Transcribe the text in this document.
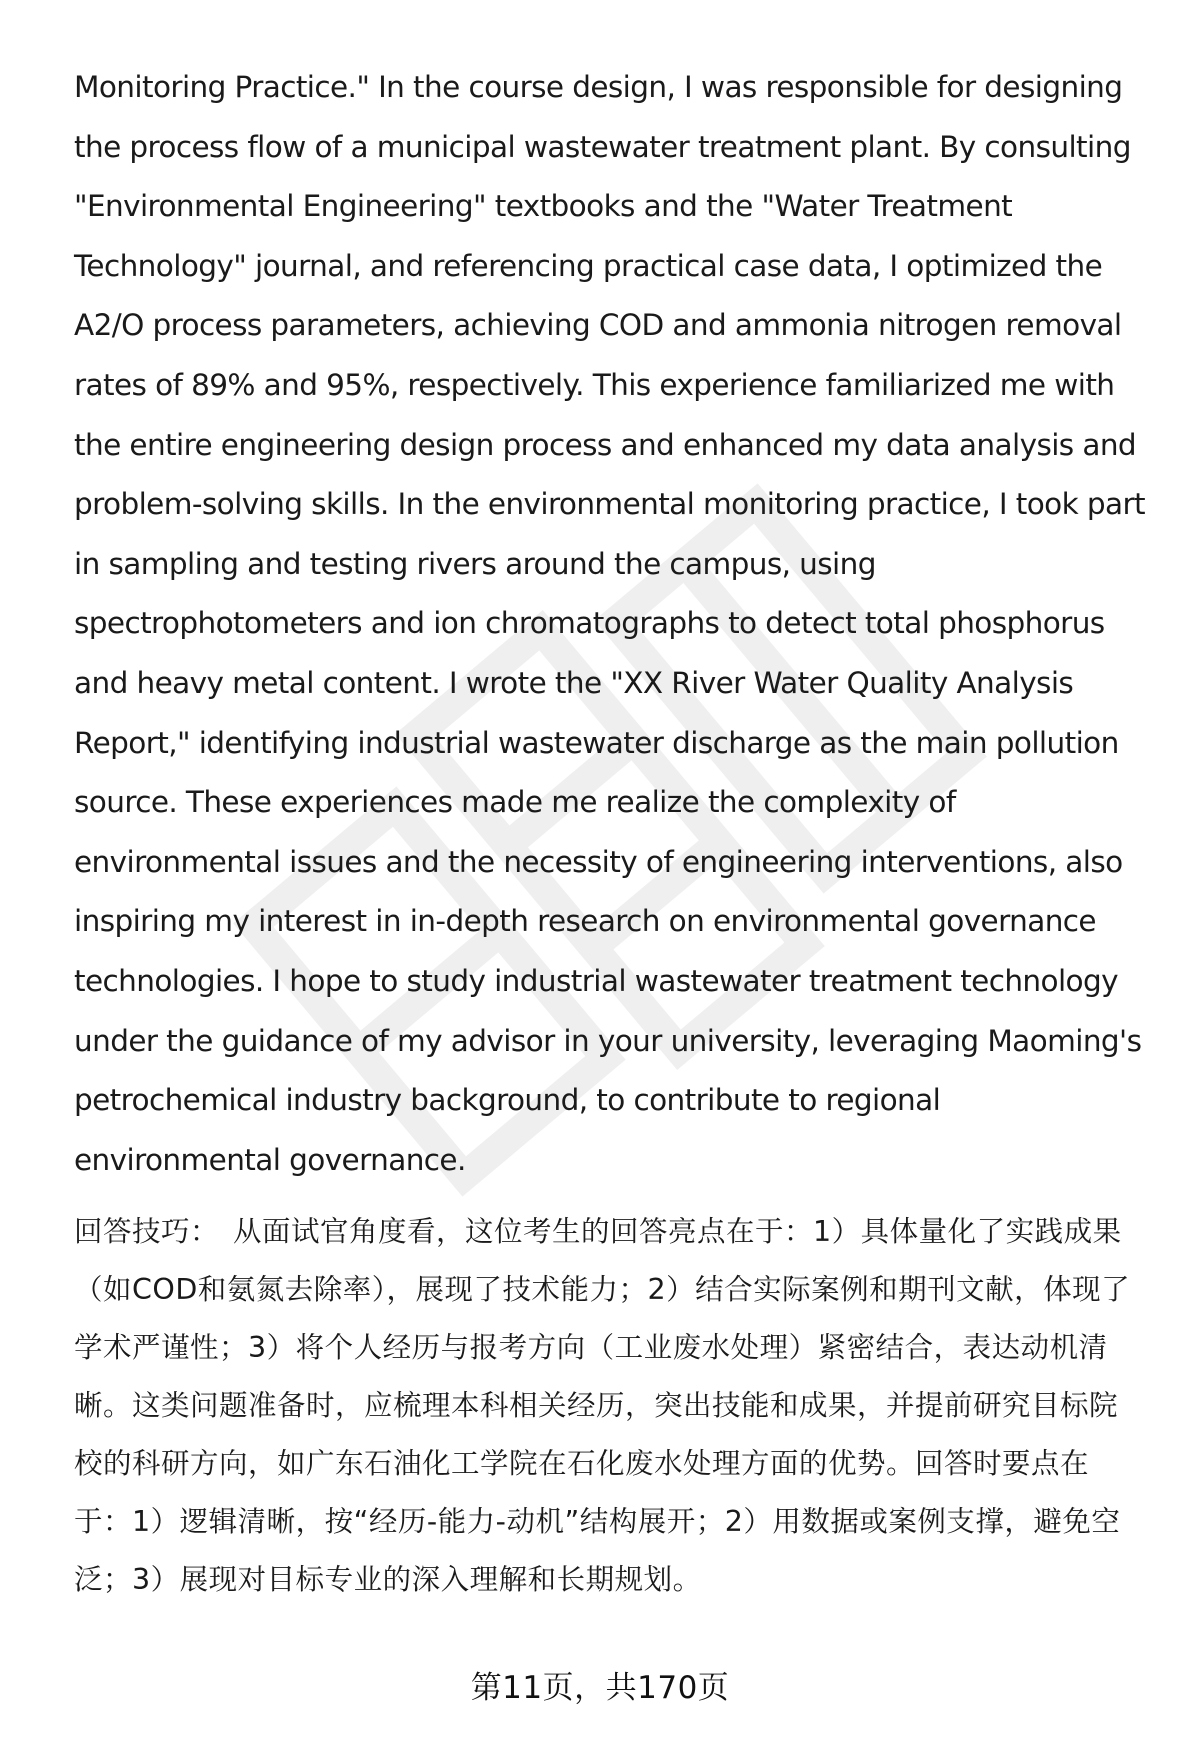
Monitoring Practice." In the course design, I was responsible for designing the process flow of a municipal wastewater treatment plant. By consulting "Environmental Engineering" textbooks and the "Water Treatment Technology" journal, and referencing practical case data, I optimized the A2/O process parameters, achieving COD and ammonia nitrogen removal rates of 89% and 95%, respectively. This experience familiarized me with the entire engineering design process and enhanced my data analysis and problem-solving skills. In the environmental monitoring practice, I took part in sampling and testing rivers around the campus, using spectrophotometers and ion chromatographs to detect total phosphorus and heavy metal content. I wrote the "XX River Water Quality Analysis Report," identifying industrial wastewater discharge as the main pollution source. These experiences made me realize the complexity of environmental issues and the necessity of engineering interventions, also inspiring my interest in in-depth research on environmental governance technologies. I hope to study industrial wastewater treatment technology under the guidance of my advisor in your university, leveraging Maoming's petrochemical industry background, to contribute to regional environmental governance.

回答技巧： 从面试官角度看，这位考生的回答亮点在于：1）具体量化了实践成果（如COD和氨氮去除率），展现了技术能力；2）结合实际案例和期刊文献，体现了学术严谨性；3）将个人经历与报考方向（工业废水处理）紧密结合，表达动机清晰。这类问题准备时，应梳理本科相关经历，突出技能和成果，并提前研究目标院校的科研方向，如广东石油化工学院在石化废水处理方面的优势。回答时要点在于：1）逻辑清晰，按“经历-能力-动机”结构展开；2）用数据或案例支撑，避免空泛；3）展现对目标专业的深入理解和长期规划。

第11页，共170页
